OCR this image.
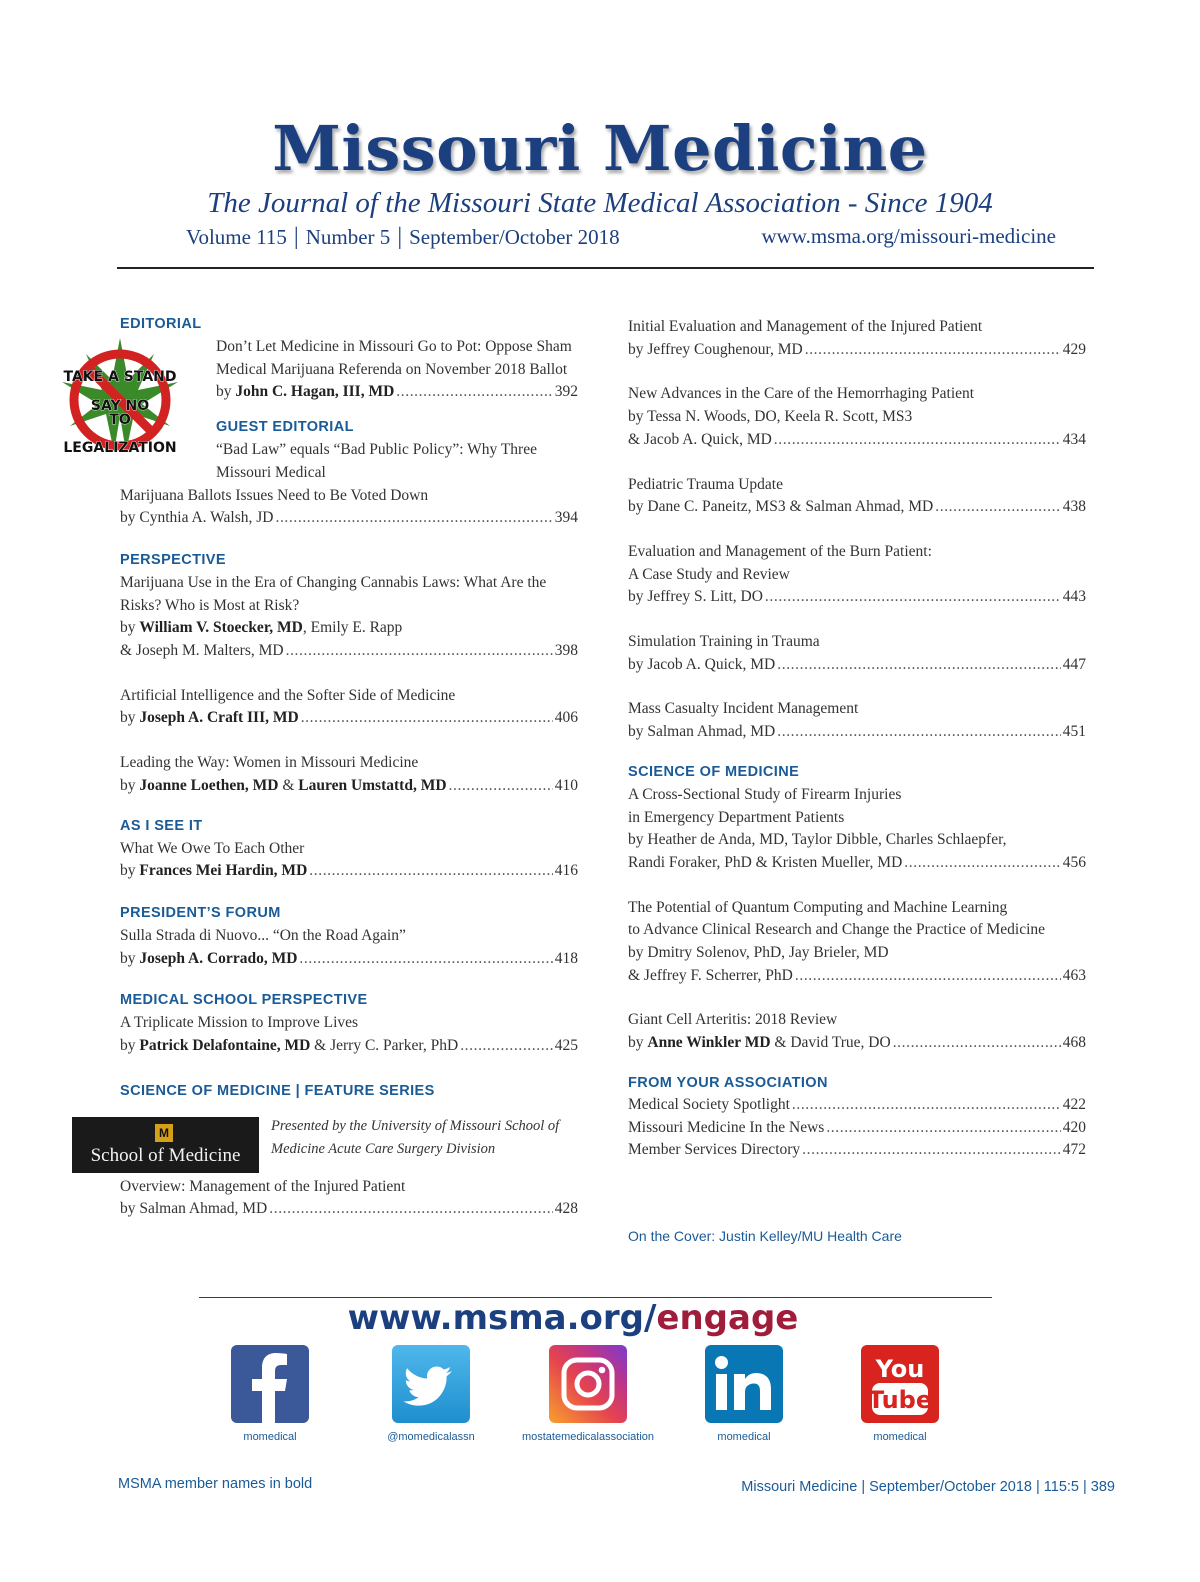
Missouri Medicine
The Journal of the Missouri State Medical Association - Since 1904
Volume 115 | Number 5 | September/October 2018	www.msma.org/missouri-medicine
TAKE A STAND
SAY NO
TO
LEGALIZATION
EDITORIAL
Don’t Let Medicine in Missouri Go to Pot: Oppose Sham
Medical Marijuana Referenda on November 2018 Ballot
by John C. Hagan, III, MD .....	392
GUEST EDITORIAL
“Bad Law” equals “Bad Public Policy”: Why Three
Missouri Medical
Marijuana Ballots Issues Need to Be Voted Down
by Cynthia A. Walsh, JD .....	394
PERSPECTIVE
Marijuana Use in the Era of Changing Cannabis Laws: What Are the
Risks? Who is Most at Risk?
by William V. Stoecker, MD, Emily E. Rapp
& Joseph M. Malters, MD .....	398
Artificial Intelligence and the Softer Side of Medicine
by Joseph A. Craft III, MD .....	406
Leading the Way: Women in Missouri Medicine
by Joanne Loethen, MD & Lauren Umstattd, MD .....	410
AS I SEE IT
What We Owe To Each Other
by Frances Mei Hardin, MD .....	416
PRESIDENT’S FORUM
Sulla Strada di Nuovo... “On the Road Again”
by Joseph A. Corrado, MD .....	418
MEDICAL SCHOOL PERSPECTIVE
A Triplicate Mission to Improve Lives
by Patrick Delafontaine, MD & Jerry C. Parker, PhD .....	425
SCIENCE OF MEDICINE | FEATURE SERIES
Overview: Management of the Injured Patient
by Salman Ahmad, MD .....	428
M
School of Medicine
Presented by the University of Missouri School of
Medicine Acute Care Surgery Division
Initial Evaluation and Management of the Injured Patient
by Jeffrey Coughenour, MD .....	429
New Advances in the Care of the Hemorrhaging Patient
by Tessa N. Woods, DO, Keela R. Scott, MS3
& Jacob A. Quick, MD .....	434
Pediatric Trauma Update
by Dane C. Paneitz, MS3 & Salman Ahmad, MD .....	438
Evaluation and Management of the Burn Patient:
A Case Study and Review
by Jeffrey S. Litt, DO .....	443
Simulation Training in Trauma
by Jacob A. Quick, MD .....	447
Mass Casualty Incident Management
by Salman Ahmad, MD .....	451
SCIENCE OF MEDICINE
A Cross-Sectional Study of Firearm Injuries
in Emergency Department Patients
by Heather de Anda, MD, Taylor Dibble, Charles Schlaepfer,
Randi Foraker, PhD & Kristen Mueller, MD .....	456
The Potential of Quantum Computing and Machine Learning
to Advance Clinical Research and Change the Practice of Medicine
by Dmitry Solenov, PhD, Jay Brieler, MD
& Jeffrey F. Scherrer, PhD .....	463
Giant Cell Arteritis: 2018 Review
by Anne Winkler MD & David True, DO .....	468
FROM YOUR ASSOCIATION
Medical Society Spotlight .....	422
Missouri Medicine In the News .....	420
Member Services Directory .....	472
On the Cover: Justin Kelley/MU Health Care
www.msma.org/engage
momedical	@momedicalassn	mostatemedicalassociation	momedical
You
Tube
momedical
MSMA member names in bold	Missouri Medicine | September/October 2018 | 115:5 | 389
